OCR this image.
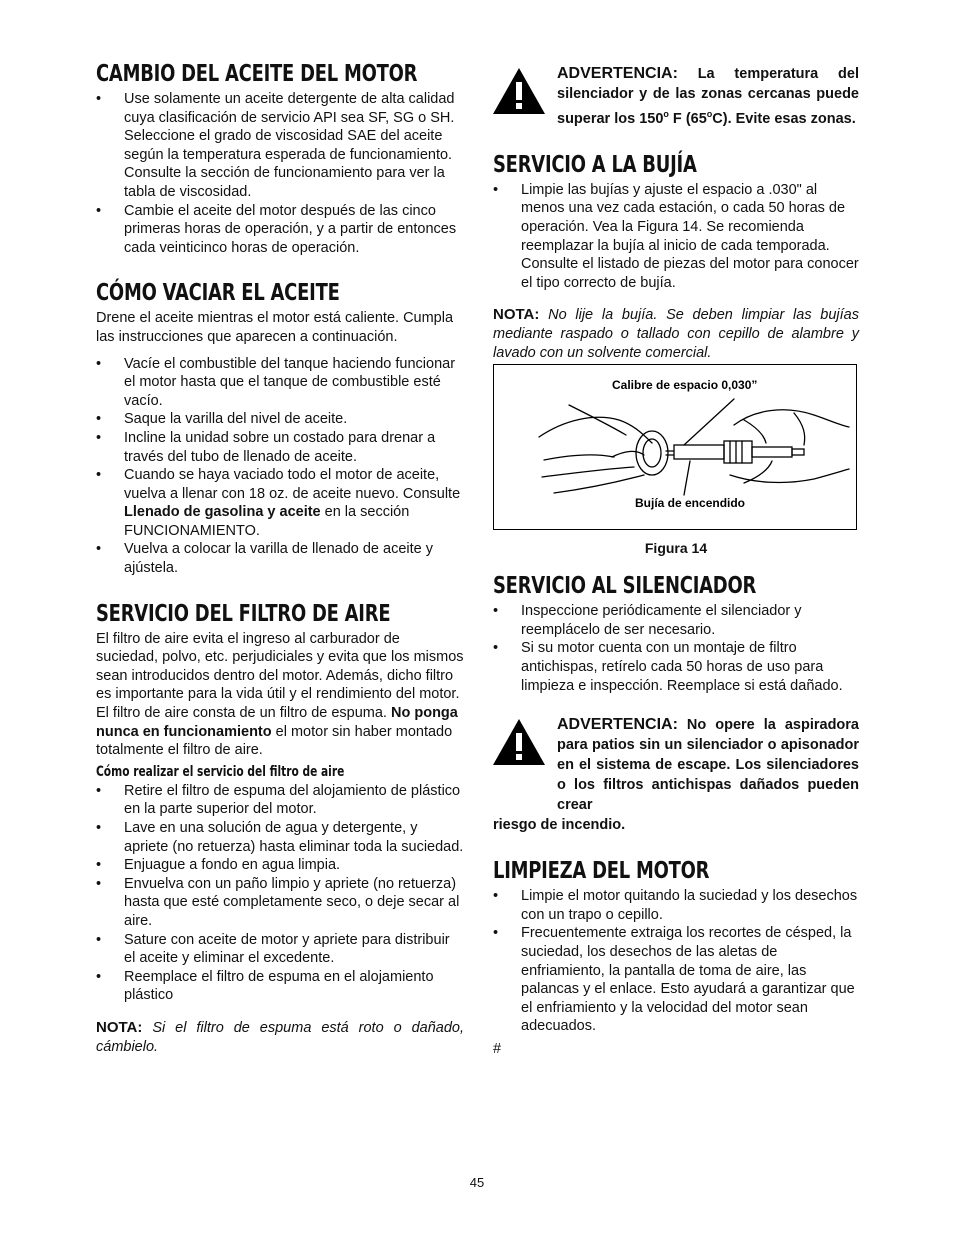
CAMBIO DEL ACEITE DEL MOTOR
• Use solamente un aceite detergente de alta calidad cuya clasificación de servicio API sea SF, SG o SH. Seleccione el grado de viscosidad SAE del aceite según la temperatura esperada de funcionamiento. Consulte la sección de funcionamiento para ver la tabla de viscosidad.
• Cambie el aceite del motor después de las cinco primeras horas de operación, y a partir de entonces cada veinticinco horas de operación.
CÓMO VACIAR EL ACEITE

Drene el aceite mientras el motor está caliente. Cumpla las instrucciones que aparecen a continuación.

• Vacíe el combustible del tanque haciendo funcionar el motor hasta que el tanque de combustible esté vacío.
• Saque la varilla del nivel de aceite.
• Incline la unidad sobre un costado para drenar a través del tubo de llenado de aceite.
• Cuando se haya vaciado todo el motor de aceite, vuelva a llenar con 18 oz. de aceite nuevo. Consulte Llenado de gasolina y aceite en la sección FUNCIONAMIENTO.
• Vuelva a colocar la varilla de llenado de aceite y ajústela.
SERVICIO DEL FILTRO DE AIRE

El filtro de aire evita el ingreso al carburador de suciedad, polvo, etc. perjudiciales y evita que los mismos sean introducidos dentro del motor. Además, dicho filtro es importante para la vida útil y el rendimiento del motor. El filtro de aire consta de un filtro de espuma. No ponga nunca en funcionamiento el motor sin haber montado totalmente el filtro de aire.

Cómo realizar el servicio del filtro de aire
• Retire el filtro de espuma del alojamiento de plástico en la parte superior del motor.
• Lave en una solución de agua y detergente, y apriete (no retuerza) hasta eliminar toda la suciedad.
• Enjuague a fondo en agua limpia.
• Envuelva con un paño limpio y apriete (no retuerza) hasta que esté completamente seco, o deje secar al aire.
• Sature con aceite de motor y apriete para distribuir el aceite y eliminar el excedente.
• Reemplace el filtro de espuma en el alojamiento plástico

NOTA: Si el filtro de espuma está roto o dañado, cámbielo.

ADVERTENCIA: La temperatura del silenciador y de las zonas cercanas puede superar los 150$^o$ F (65$^o$C). Evite esas zonas.
SERVICIO A LA BUJÍA
• Limpie las bujías y ajuste el espacio a .030" al menos una vez cada estación, o cada 50 horas de operación. Vea la Figura 14. Se recomienda reemplazar la bujía al inicio de cada temporada. Consulte el listado de piezas del motor para conocer el tipo correcto de bujía.

NOTA: No lije la bujía. Se deben limpiar las bujías mediante raspado o tallado con cepillo de alambre y lavado con un solvente comercial.

Calibre de espacio 0,030”
Bujía de encendido
Figura 14
SERVICIO AL SILENCIADOR
• Inspeccione periódicamente el silenciador y reemplácelo de ser necesario.
• Si su motor cuenta con un montaje de filtro antichispas, retírelo cada 50 horas de uso para limpieza e inspección. Reemplace si está dañado.
ADVERTENCIA: No opere la aspiradora para patios sin un silenciador o apisonador en el sistema de escape. Los silenciadores o los filtros antichispas dañados pueden crear
riesgo de incendio.
LIMPIEZA DEL MOTOR
• Limpie el motor quitando la suciedad y los desechos con un trapo o cepillo.
• Frecuentemente extraiga los recortes de césped, la suciedad, los desechos de las aletas de enfriamiento, la pantalla de toma de aire, las palancas y el enlace. Esto ayudará a garantizar que el enfriamiento y la velocidad del motor sean adecuados.

#

45
